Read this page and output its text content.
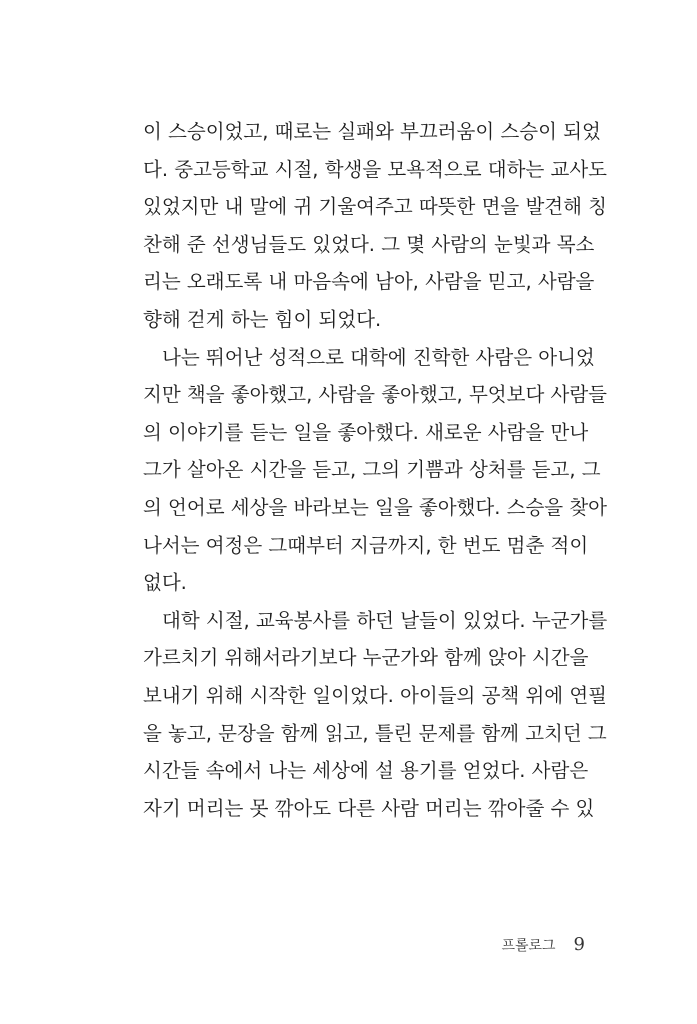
이 스승이었고, 때로는 실패와 부끄러움이 스승이 되었
다. 중고등학교 시절, 학생을 모욕적으로 대하는 교사도
있었지만 내 말에 귀 기울여주고 따뜻한 면을 발견해 칭
찬해 준 선생님들도 있었다. 그 몇 사람의 눈빛과 목소
리는 오래도록 내 마음속에 남아, 사람을 믿고, 사람을
향해 걷게 하는 힘이 되었다.
나는 뛰어난 성적으로 대학에 진학한 사람은 아니었
지만 책을 좋아했고, 사람을 좋아했고, 무엇보다 사람들
의 이야기를 듣는 일을 좋아했다. 새로운 사람을 만나
그가 살아온 시간을 듣고, 그의 기쁨과 상처를 듣고, 그
의 언어로 세상을 바라보는 일을 좋아했다. 스승을 찾아
나서는 여정은 그때부터 지금까지, 한 번도 멈춘 적이
없다.
대학 시절, 교육봉사를 하던 날들이 있었다. 누군가를
가르치기 위해서라기보다 누군가와 함께 앉아 시간을
보내기 위해 시작한 일이었다. 아이들의 공책 위에 연필
을 놓고, 문장을 함께 읽고, 틀린 문제를 함께 고치던 그
시간들 속에서 나는 세상에 설 용기를 얻었다. 사람은
자기 머리는 못 깎아도 다른 사람 머리는 깎아줄 수 있
프롤로그 9
